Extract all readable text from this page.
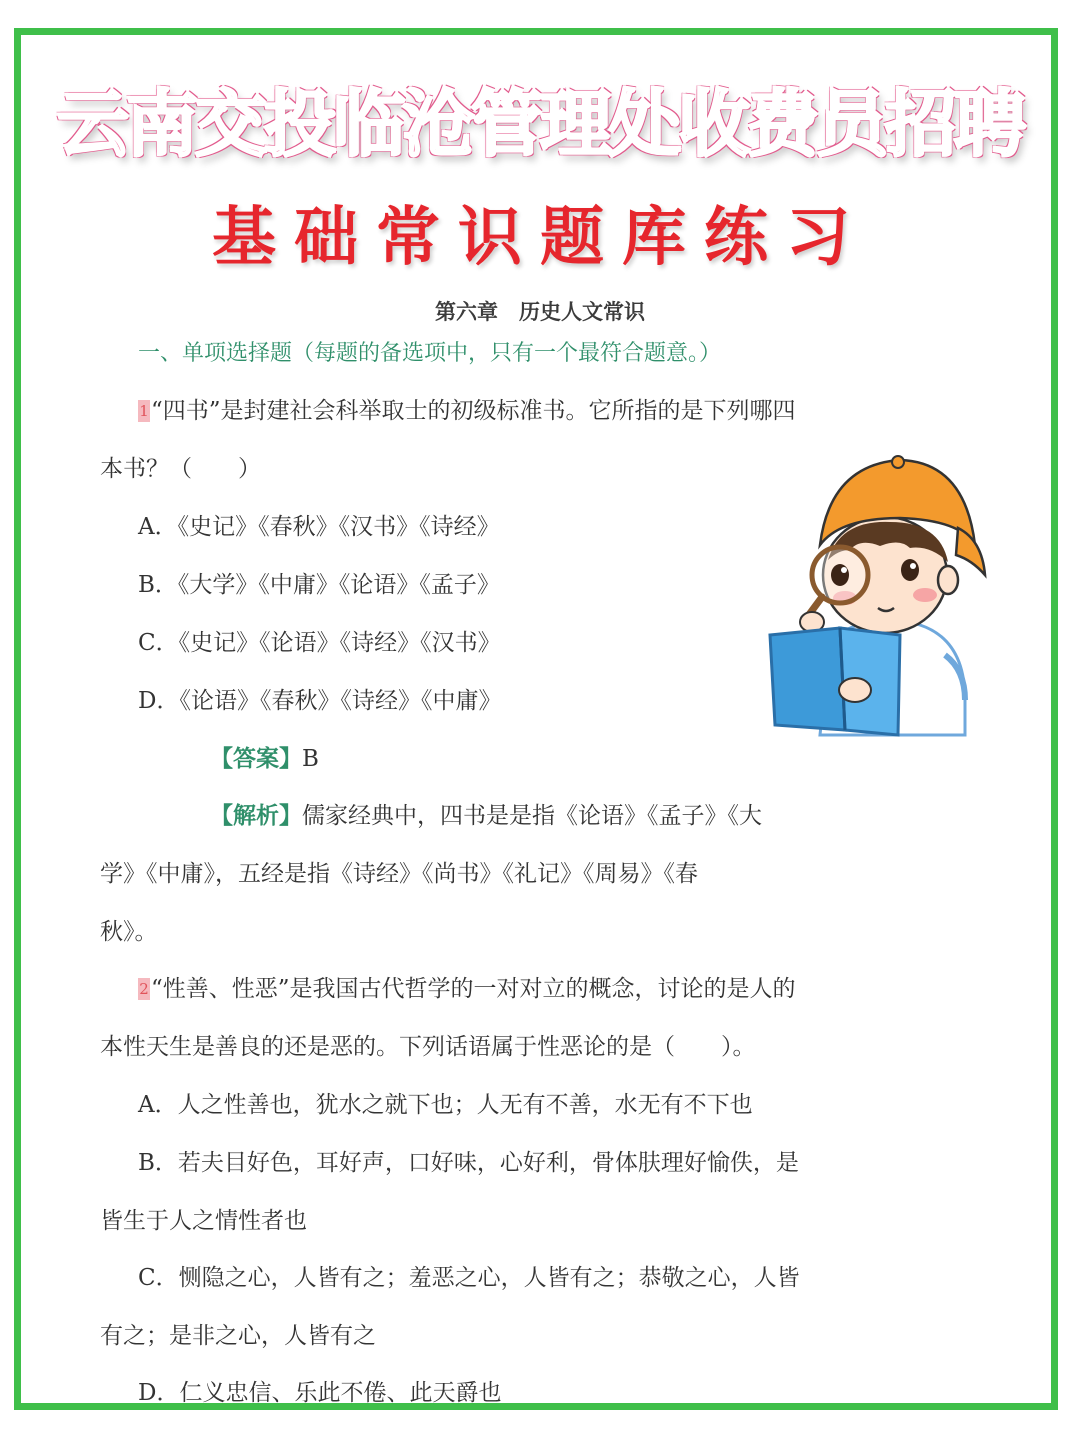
云南交投临沧管理处收费员招聘
基础常识题库练习

第六章　历史人文常识

一、单项选择题（每题的备选项中，只有一个最符合题意。）

1“四书”是封建社会科举取士的初级标准书。它所指的是下列哪四

本书？（　　）

A．《史记》《春秋》《汉书》《诗经》

B．《大学》《中庸》《论语》《孟子》

C．《史记》《论语》《诗经》《汉书》

D．《论语》《春秋》《诗经》《中庸》

【答案】B

【解析】儒家经典中，四书是是指《论语》《孟子》《大

学》《中庸》，五经是指《诗经》《尚书》《礼记》《周易》《春

秋》。

2“性善、性恶”是我国古代哲学的一对对立的概念，讨论的是人的

本性天生是善良的还是恶的。下列话语属于性恶论的是（　　）。

A．人之性善也，犹水之就下也；人无有不善，水无有不下也

B．若夫目好色，耳好声，口好味，心好利，骨体肤理好愉佚，是

皆生于人之情性者也

C．恻隐之心，人皆有之；羞恶之心，人皆有之；恭敬之心，人皆

有之；是非之心，人皆有之

D．仁义忠信、乐此不倦、此天爵也
